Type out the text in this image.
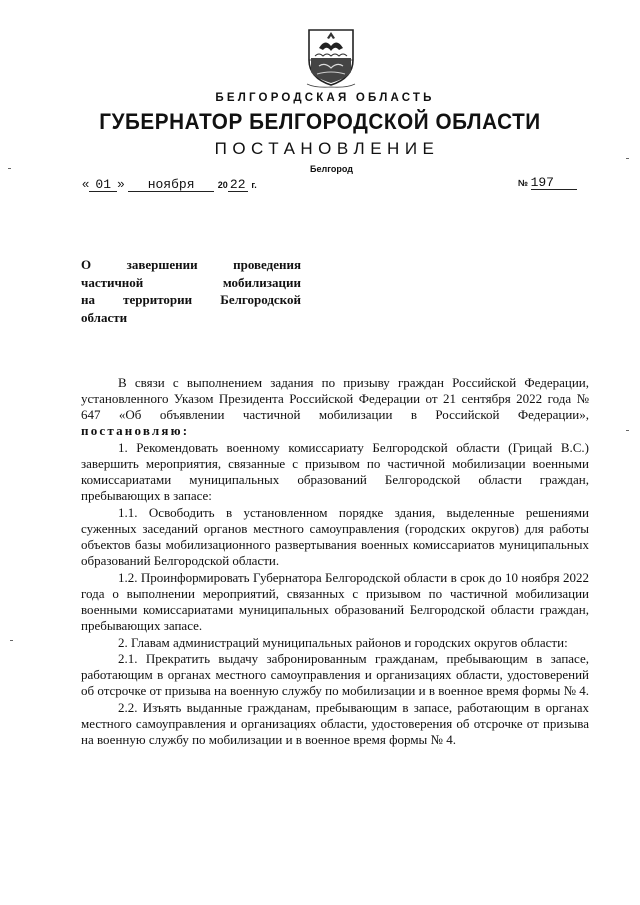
БЕЛГОРОДСКАЯ ОБЛАСТЬ
ГУБЕРНАТОР БЕЛГОРОДСКОЙ ОБЛАСТИ
ПОСТАНОВЛЕНИЕ
Белгород
« 01 » ноября	20 22 г.	№ 197
О завершении проведения
частичной мобилизации
на территории Белгородской
области

В связи с выполнением задания по призыву граждан Российской Федерации, установленного Указом Президента Российской Федерации от 21 сентября 2022 года № 647 «Об объявлении частичной мобилизации в Российской Федерации», постановляю:

1. Рекомендовать военному комиссариату Белгородской области (Грицай В.С.) завершить мероприятия, связанные с призывом по частичной мобилизации военными комиссариатами муниципальных образований Белгородской области граждан, пребывающих в запасе:

1.1. Освободить в установленном порядке здания, выделенные решениями суженных заседаний органов местного самоуправления (городских округов) для работы объектов базы мобилизационного развертывания военных комиссариатов муниципальных образований Белгородской области.

1.2. Проинформировать Губернатора Белгородской области в срок до 10 ноября 2022 года о выполнении мероприятий, связанных с призывом по частичной мобилизации военными комиссариатами муниципальных образований Белгородской области граждан, пребывающих запасе.

2. Главам администраций муниципальных районов и городских округов области:

2.1. Прекратить выдачу забронированным гражданам, пребывающим в запасе, работающим в органах местного самоуправления и организациях области, удостоверений об отсрочке от призыва на военную службу по мобилизации и в военное время формы № 4.

2.2. Изъять выданные гражданам, пребывающим в запасе, работающим в органах местного самоуправления и организациях области, удостоверения об отсрочке от призыва на военную службу по мобилизации и в военное время формы № 4.
